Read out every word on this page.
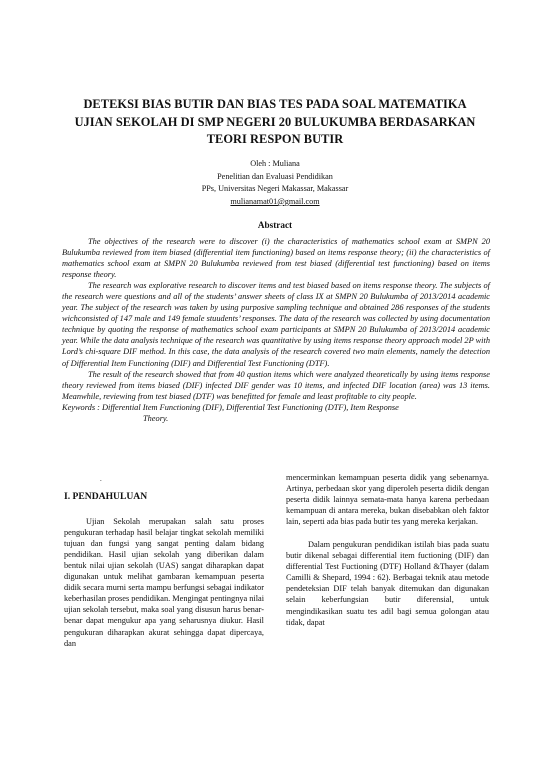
DETEKSI BIAS BUTIR DAN BIAS TES PADA SOAL MATEMATIKA
UJIAN SEKOLAH DI SMP NEGERI 20 BULUKUMBA BERDASARKAN
TEORI RESPON BUTIR
Oleh : Muliana
Penelitian dan Evaluasi Pendidikan
PPs, Universitas Negeri Makassar, Makassar
mulianamat01@gmail.com
Abstract

The objectives of the research were to discover (i) the characteristics of mathematics school exam at SMPN 20 Bulukumba reviewed from item biased (differential item functioning) based on items response theory; (ii) the characteristics of mathematics school exam at SMPN 20 Bulukumba reviewed from test biased (differential test functioning) based on items response theory.

The research was explorative research to discover items and test biased based on items response theory. The subjects of the research were questions and all of the students’ answer sheets of class IX at SMPN 20 Bulukumba of 2013/2014 academic year. The subject of the research was taken by using purposive sampling technique and obtained 286 responses of the students wichconsisted of 147 male and 149 female stuudents’ responses. The data of the research was collected by using documentation technique by quoting the response of mathematics school exam participants at SMPN 20 Bulukumba of 2013/2014 academic year. While the data analysis technique of the research was quantitative by using items response theory approach model 2P with Lord’s chi-square DIF method. In this case, the data analysis of the research covered two main elements, namely the detection of Differential Item Functioning (DIF) and Differential Test Functioning (DTF).

The result of the research showed that from 40 qustion items which were analyzed theoretically by using items response theory reviewed from items biased (DIF) infected DIF gender was 10 items, and infected DIF location (area) was 13 items. Meanwhile, reviewing from test biased (DTF) was benefitted for female and least profitable to city people.

Keywords : Differential Item Functioning (DIF), Differential Test Functioning (DTF), Item Response

Theory.

.
I. PENDAHULUAN

Ujian Sekolah merupakan salah satu proses pengukuran terhadap hasil belajar tingkat sekolah memiliki tujuan dan fungsi yang sangat penting dalam bidang pendidikan. Hasil ujian sekolah yang diberikan dalam bentuk nilai ujian sekolah (UAS) sangat diharapkan dapat digunakan untuk melihat gambaran kemampuan peserta didik secara murni serta mampu berfungsi sebagai indikator keberhasilan proses pendidikan. Mengingat pentingnya nilai ujian sekolah tersebut, maka soal yang disusun harus benar-benar dapat mengukur apa yang seharusnya diukur. Hasil pengukuran diharapkan akurat sehingga dapat dipercaya, dan

mencerminkan kemampuan peserta didik yang sebenarnya. Artinya, perbedaan skor yang diperoleh peserta didik dengan peserta didik lainnya semata-mata hanya karena perbedaan kemampuan di antara mereka, bukan disebabkan oleh faktor lain, seperti ada bias pada butir tes yang mereka kerjakan.

Dalam pengukuran pendidikan istilah bias pada suatu butir dikenal sebagai differential item fuctioning (DIF) dan differential Test Fuctioning (DTF) Holland &Thayer (dalam Camilli & Shepard, 1994 : 62). Berbagai teknik atau metode pendeteksian DIF telah banyak ditemukan dan digunakan selain keberfungsian butir diferensial, untuk mengindikasikan suatu tes adil bagi semua golongan atau tidak, dapat
